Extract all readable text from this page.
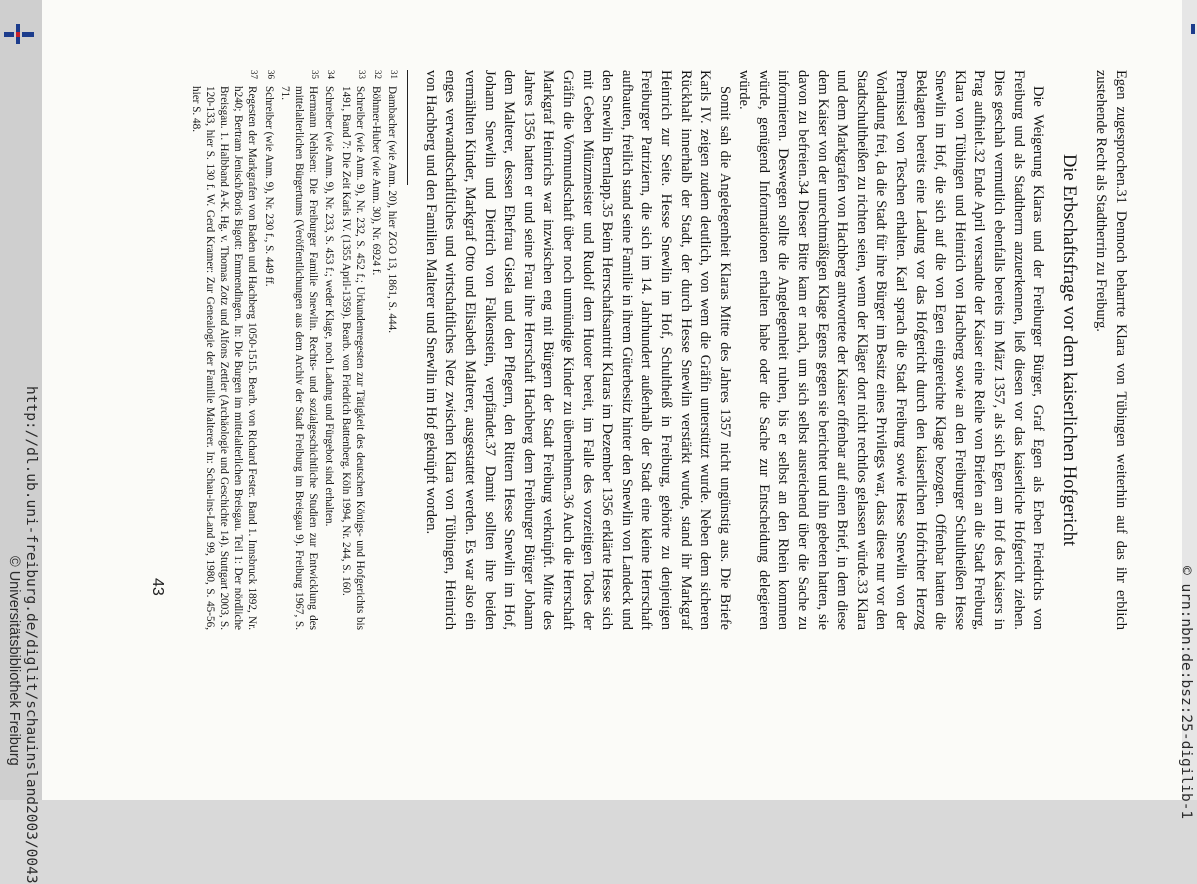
http://dl.ub.uni-freiburg.de/diglit/schauinsland2003/0043
© Universitätsbibliothek Freiburg

Egen zugesprochen.31 Dennoch beharrte Klara von Tübingen weiterhin auf das ihr erblich zustehende Recht als Stadtherrin zu Freiburg.

Die Erbschaftsfrage vor dem kaiserlichen Hofgericht

Die Weigerung Klaras und der Freiburger Bürger, Graf Egen als Erben Friedrichs von Freiburg und als Stadtherrn anzuerkennen, ließ diesen vor das kaiserliche Hofgericht ziehen. Dies geschah vermutlich ebenfalls bereits im März 1357, als sich Egen am Hof des Kaisers in Prag aufhielt.32 Ende April versandte der Kaiser eine Reihe von Briefen an die Stadt Freiburg, Klara von Tübingen und Heinrich von Hachberg sowie an den Freiburger Schultheißen Hesse Snewlin im Hof, die sich auf die von Egen eingereichte Klage bezogen. Offenbar hatten die Beklagten bereits eine Ladung vor das Hofgericht durch den kaiserlichen Hofrichter Herzog Premissel von Teschen erhalten. Karl sprach die Stadt Freiburg sowie Hesse Snewlin von der Vorladung frei, da die Stadt für ihre Bürger im Besitz eines Privilegs war, dass diese nur vor den Stadtschultheißen zu richten seien, wenn der Kläger dort nicht rechtlos gelassen würde.33 Klara und dem Markgrafen von Hachberg antwortete der Kaiser offenbar auf einen Brief, in dem diese dem Kaiser von der unrechtmäßigen Klage Egens gegen sie berichtet und ihn gebeten hatten, sie davon zu befreien.34 Dieser Bitte kam er nach, um sich selbst ausreichend über die Sache zu informieren. Deswegen sollte die Angelegenheit ruhen, bis er selbst an den Rhein kommen würde, genügend Informationen erhalten habe oder die Sache zur Entscheidung delegieren würde.

Somit sah die Angelegenheit Klaras Mitte des Jahres 1357 nicht ungünstig aus. Die Briefe Karls IV. zeigen zudem deutlich, von wem die Gräfin unterstützt wurde. Neben dem sicheren Rückhalt innerhalb der Stadt, der durch Hesse Snewlin verstärkt wurde, stand ihr Markgraf Heinrich zur Seite. Hesse Snewlin im Hof, Schultheiß in Freiburg, gehörte zu denjenigen Freiburger Patriziern, die sich im 14. Jahrhundert außerhalb der Stadt eine kleine Herrschaft aufbauten, freilich stand seine Familie in ihrem Güterbesitz hinter den Snewlin von Landeck und den Snewlin Bernlapp.35 Beim Herrschaftsantritt Klaras im Dezember 1356 erklärte Hesse sich mit Geben Münzmeister und Rudolf dem Huoter bereit, im Falle des vorzeitigen Todes der Gräfin die Vormundschaft über noch unmündige Kinder zu übernehmen.36 Auch die Herrschaft Markgraf Heinrichs war inzwischen eng mit Bürgern der Stadt Freiburg verknüpft. Mitte des Jahres 1356 hatten er und seine Frau ihre Herrschaft Hachberg dem Freiburger Bürger Johann dem Malterer, dessen Ehefrau Gisela und den Pflegern, den Rittern Hesse Snewlin im Hof, Johann Snewlin und Dietrich von Falkenstein, verpfändet.37 Damit sollten ihre beiden vermählten Kinder, Markgraf Otto und Elisabeth Malterer, ausgestattet werden. Es war also ein enges verwandtschaftliches und wirtschaftliches Netz zwischen Klara von Tübingen, Heinrich von Hachberg und den Familien Malterer und Snewlin im Hof geknüpft worden.

31Dambacher (wie Anm. 20), hier ZGO 13, 1861, S. 444.
32Böhmer-Huber (wie Anm. 30), Nr. 6924 f.
33Schreiber (wie Anm. 9), Nr. 232, S. 452 f.; Urkundenregesten zur Tätigkeit des deutschen Königs- und Hofgerichts bis 1491, Band 7: Die Zeit Karls IV. (1355 April-1359). Bearb. von Friedrich Battenberg. Köln 1994, Nr. 244, S. 160.
34Schreiber (wie Anm. 9), Nr. 233, S. 453 f.; weder Klage, noch Ladung und Fürgebot sind erhalten.
35Hermann Nehlsen: Die Freiburger Familie Snewlin. Rechts- und sozialgeschichtliche Studien zur Entwicklung des mittelalterlichen Bürgertums (Veröffentlichungen aus dem Archiv der Stadt Freiburg im Breisgau 9). Freiburg 1967, S. 71.
36Schreiber (wie Anm. 9), Nr. 230 f., S. 449 ff.
37Regesten der Markgrafen von Baden und Hachberg 1050-1515. Bearb. von Richard Fester. Band 1. Innsbruck 1892, Nr. h240; Bertram Jenisch/Boris Bigott: Emmendingen. In: Die Burgen im mittelalterlichen Breisgau. Teil 1: Der nördliche Breisgau. 1. Halbband A-K. Hg. v. Thomas Zotz und Alfons Zettler (Archäologie und Geschichte 14). Stuttgart 2003, S. 120-133, hier S. 130 f. W. Gerd Kramer: Zur Genealogie der Familie Malterer. In: Schau-ins-Land 99, 1980, S. 45-56, hier S. 48.
43	© urn:nbn:de:bsz:25-digilib-1
